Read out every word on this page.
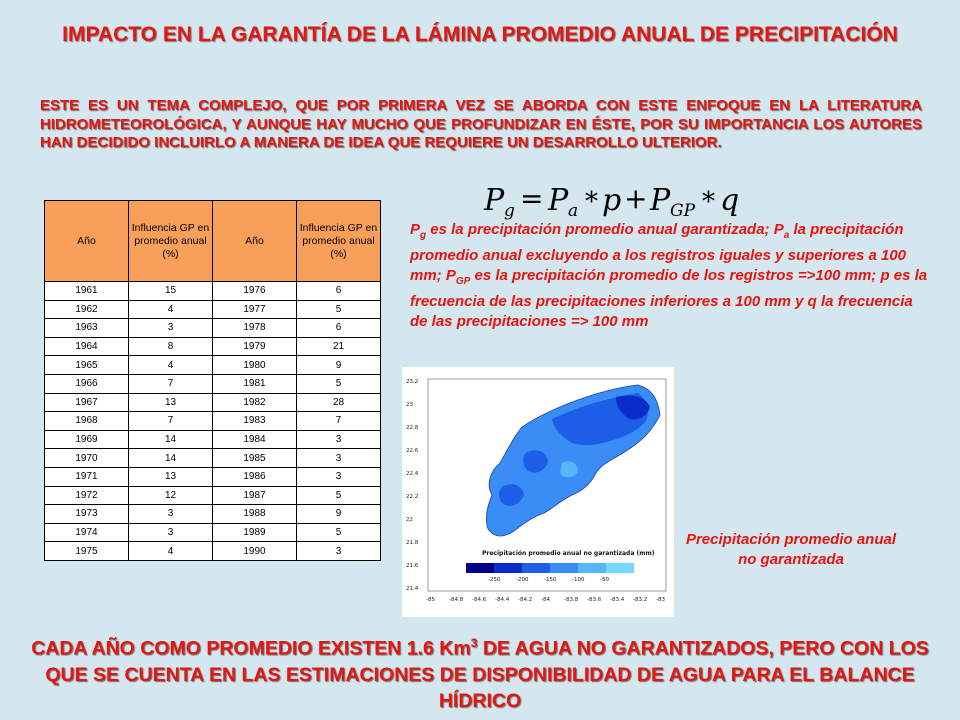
IMPACTO EN LA GARANTÍA DE LA LÁMINA PROMEDIO ANUAL DE PRECIPITACIÓN
ESTE ES UN TEMA COMPLEJO, QUE POR PRIMERA VEZ SE ABORDA CON ESTE ENFOQUE EN LA LITERATURA HIDROMETEOROLÓGICA, Y AUNQUE HAY MUCHO QUE PROFUNDIZAR EN ÉSTE, POR SU IMPORTANCIA LOS AUTORES HAN DECIDIDO INCLUIRLO A MANERA DE IDEA QUE REQUIERE UN DESARROLLO ULTERIOR.
P g = P a * p + P GP * q
Año	Influencia GP en promedio anual (%)	Año	Influencia GP en promedio anual (%)
1961	15	1976	6
1962	4	1977	5
1963	3	1978	6
1964	8	1979	21
1965	4	1980	9
1966	7	1981	5
1967	13	1982	28
1968	7	1983	7
1969	14	1984	3
1970	14	1985	3
1971	13	1986	3
1972	12	1987	5
1973	3	1988	9
1974	3	1989	5
1975	4	1990	3
$P_g$ es la precipitación promedio anual garantizada; $P_a$ la precipitación promedio anual excluyendo a los registros iguales y superiores a 100 mm; $P_{GP}$ es la precipitación promedio de los registros =>100 mm; p es la frecuencia de las precipitaciones inferiores a 100 mm y q la frecuencia de las precipitaciones => 100 mm
23.2
23
22.8
22.6
22.4
22.2
22
21.8
21.6
21.4
-85	-84.8 -84.6 -84.4 -84.2 -84	-83.8 -83.6 -83.4 -83.2 -83
Precipitación promedio anual no garantizada (mm)
-250	-200	-150	-100	-50
Precipitación promedio anual no garantizada
CADA AÑO COMO PROMEDIO EXISTEN 1.6 Km$^3$ DE AGUA NO GARANTIZADOS, PERO CON LOS QUE SE CUENTA EN LAS ESTIMACIONES DE DISPONIBILIDAD DE AGUA PARA EL BALANCE HÍDRICO
